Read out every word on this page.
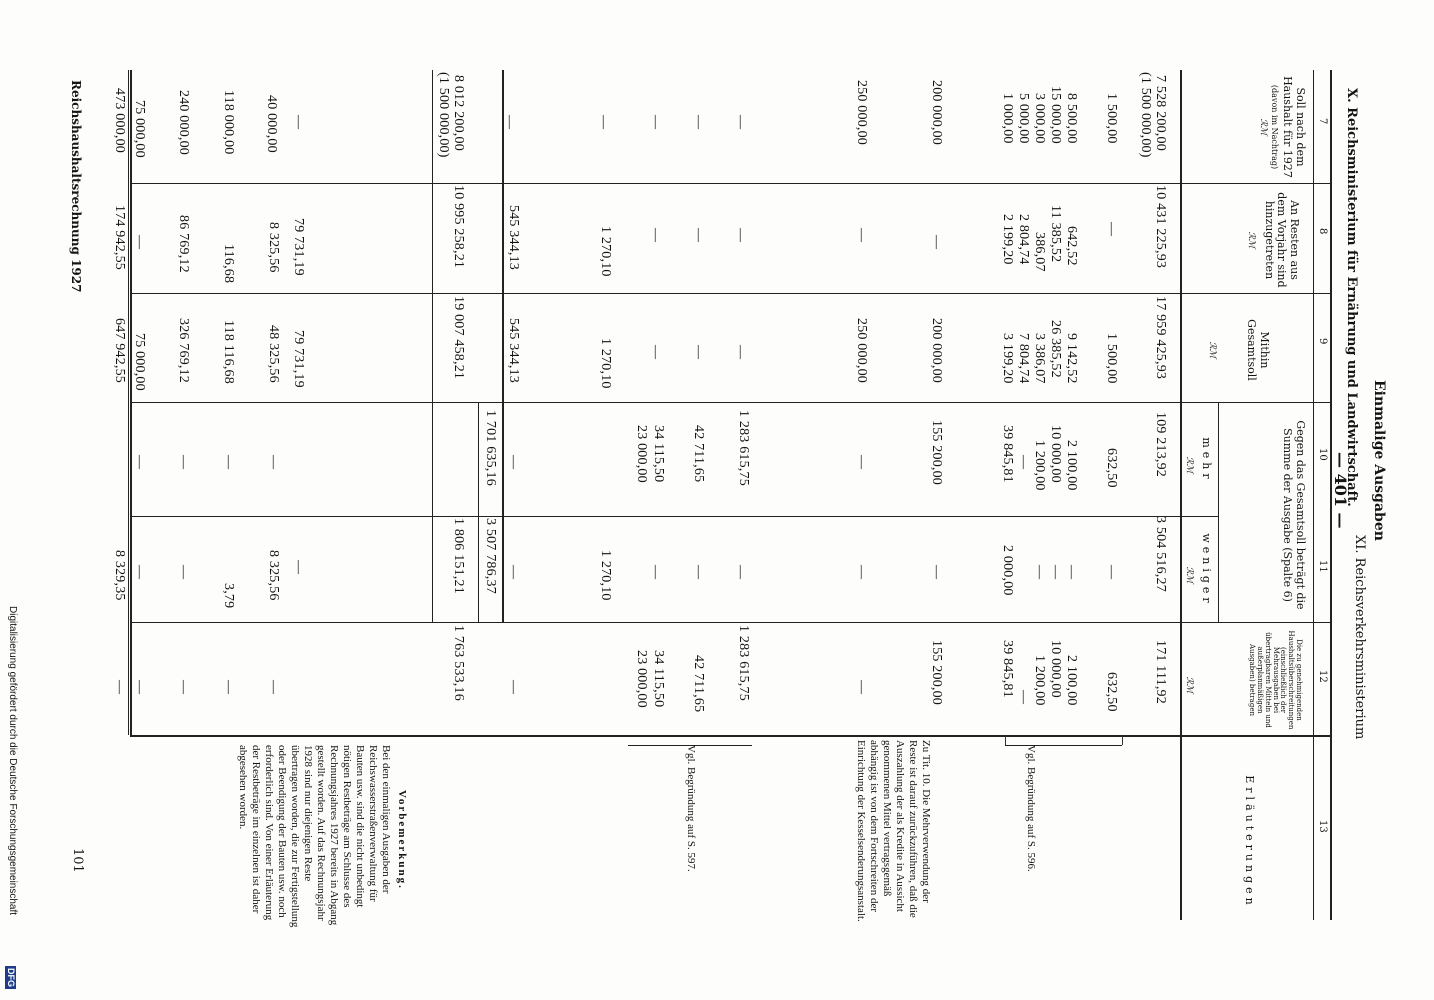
Einmalige Ausgaben
XI. Reichsverkehrsministerium
X. Reichsministerium für Ernährung und Landwirtschaft.
— 401 —
7
8
9
10
11
12
13
Soll nach dem Haushalt für 1927
(davon im Nachtrag)
ℛℳ
An Resten aus dem Vorjahr sind hinzugetreten
ℛℳ
Mithin Gesamtsoll
ℛℳ
Gegen das Gesamtsoll beträgt die Summe der Ausgabe (Spalte 6)
mehr
ℛℳ
weniger
ℛℳ
Die zu genehmigenden Haushaltsüberschreitungen (einschließlich der Mehrausgaben bei übertragbaren Mitteln und außerplanmäßigen Ausgaben) betragen
ℛℳ
Erläuterungen
7 528 200,00
(1 500 000,00)
1 500,00
8 500,00
15 000,00
3 000,00
5 000,00
1 000,00
200 000,00
250 000,00
—
—
—
—
—
8 012 200,00
(1 500 000,00)
—
40 000,00
118 000,00
240 000,00
75 000,00
473 000,00
10 431 225,93
—
642,52
11 385,52
386,07
2 804,74
2 199,20
—
—
—
—
—
1 270,10
545 344,13
10 995 258,21
79 731,19
8 325,56
116,68
86 769,12
—
174 942,55
17 959 425,93
1 500,00
9 142,52
26 385,52
3 386,07
7 804,74
3 199,20
200 000,00
250 000,00
—
—
—
1 270,10
545 344,13
19 007 458,21
79 731,19
48 325,56
118 116,68
326 769,12
75 000,00
647 942,55
109 213,92
632,50
2 100,00
10 000,00
1 200,00
—
39 845,81
155 200,00
—
1 283 615,75
42 711,65
34 115,50
23 000,00
—
1 701 635,16
—
—
—
—
3 504 516,27
—
—
—
—
2 000,00
—
—
—
—
—
1 270,10
—
3 507 786,37
1 806 151,21
—
8 325,56
3,79
—
—
8 329,35
171 111,92
632,50
2 100,00
10 000,00
1 200,00
—
39 845,81
155 200,00
—
1 283 615,75
42 711,65
34 115,50
23 000,00
—
1 763 533,16
—
—
—
—
—
Vgl. Begründung auf S. 596.
Vgl. Begründung auf S. 597.	Zu Tit. 10. Die Mehrverwendung der Reste ist darauf zurückzuführen, daß die Auszahlung der als Kredite in Aussicht genommenen Mittel vertragsgemäß abhängig ist von dem Fortschreiten der Einrichtung der Kesselsenderungsanstalt.
Vorbemerkung.
Bei den einmaligen Ausgaben der Reichswasserstraßenverwaltung für Bauten usw. sind die nicht unbedingt nötigen Restbeträge am Schlusse des Rechnungsjahres 1927 bereits in Abgang gestellt worden. Auf das Rechnungsjahr 1928 sind nur diejenigen Reste übertragen worden, die zur Fertigstellung oder Beendigung der Bauten usw. noch erforderlich sind. Von einer Erläuterung der Restbeträge im einzelnen ist daher abgesehen worden.
101
Reichshaushaltsrechnung 1927
Digitalisierung gefördert durch die Deutsche Forschungsgemeinschaft
DFG
